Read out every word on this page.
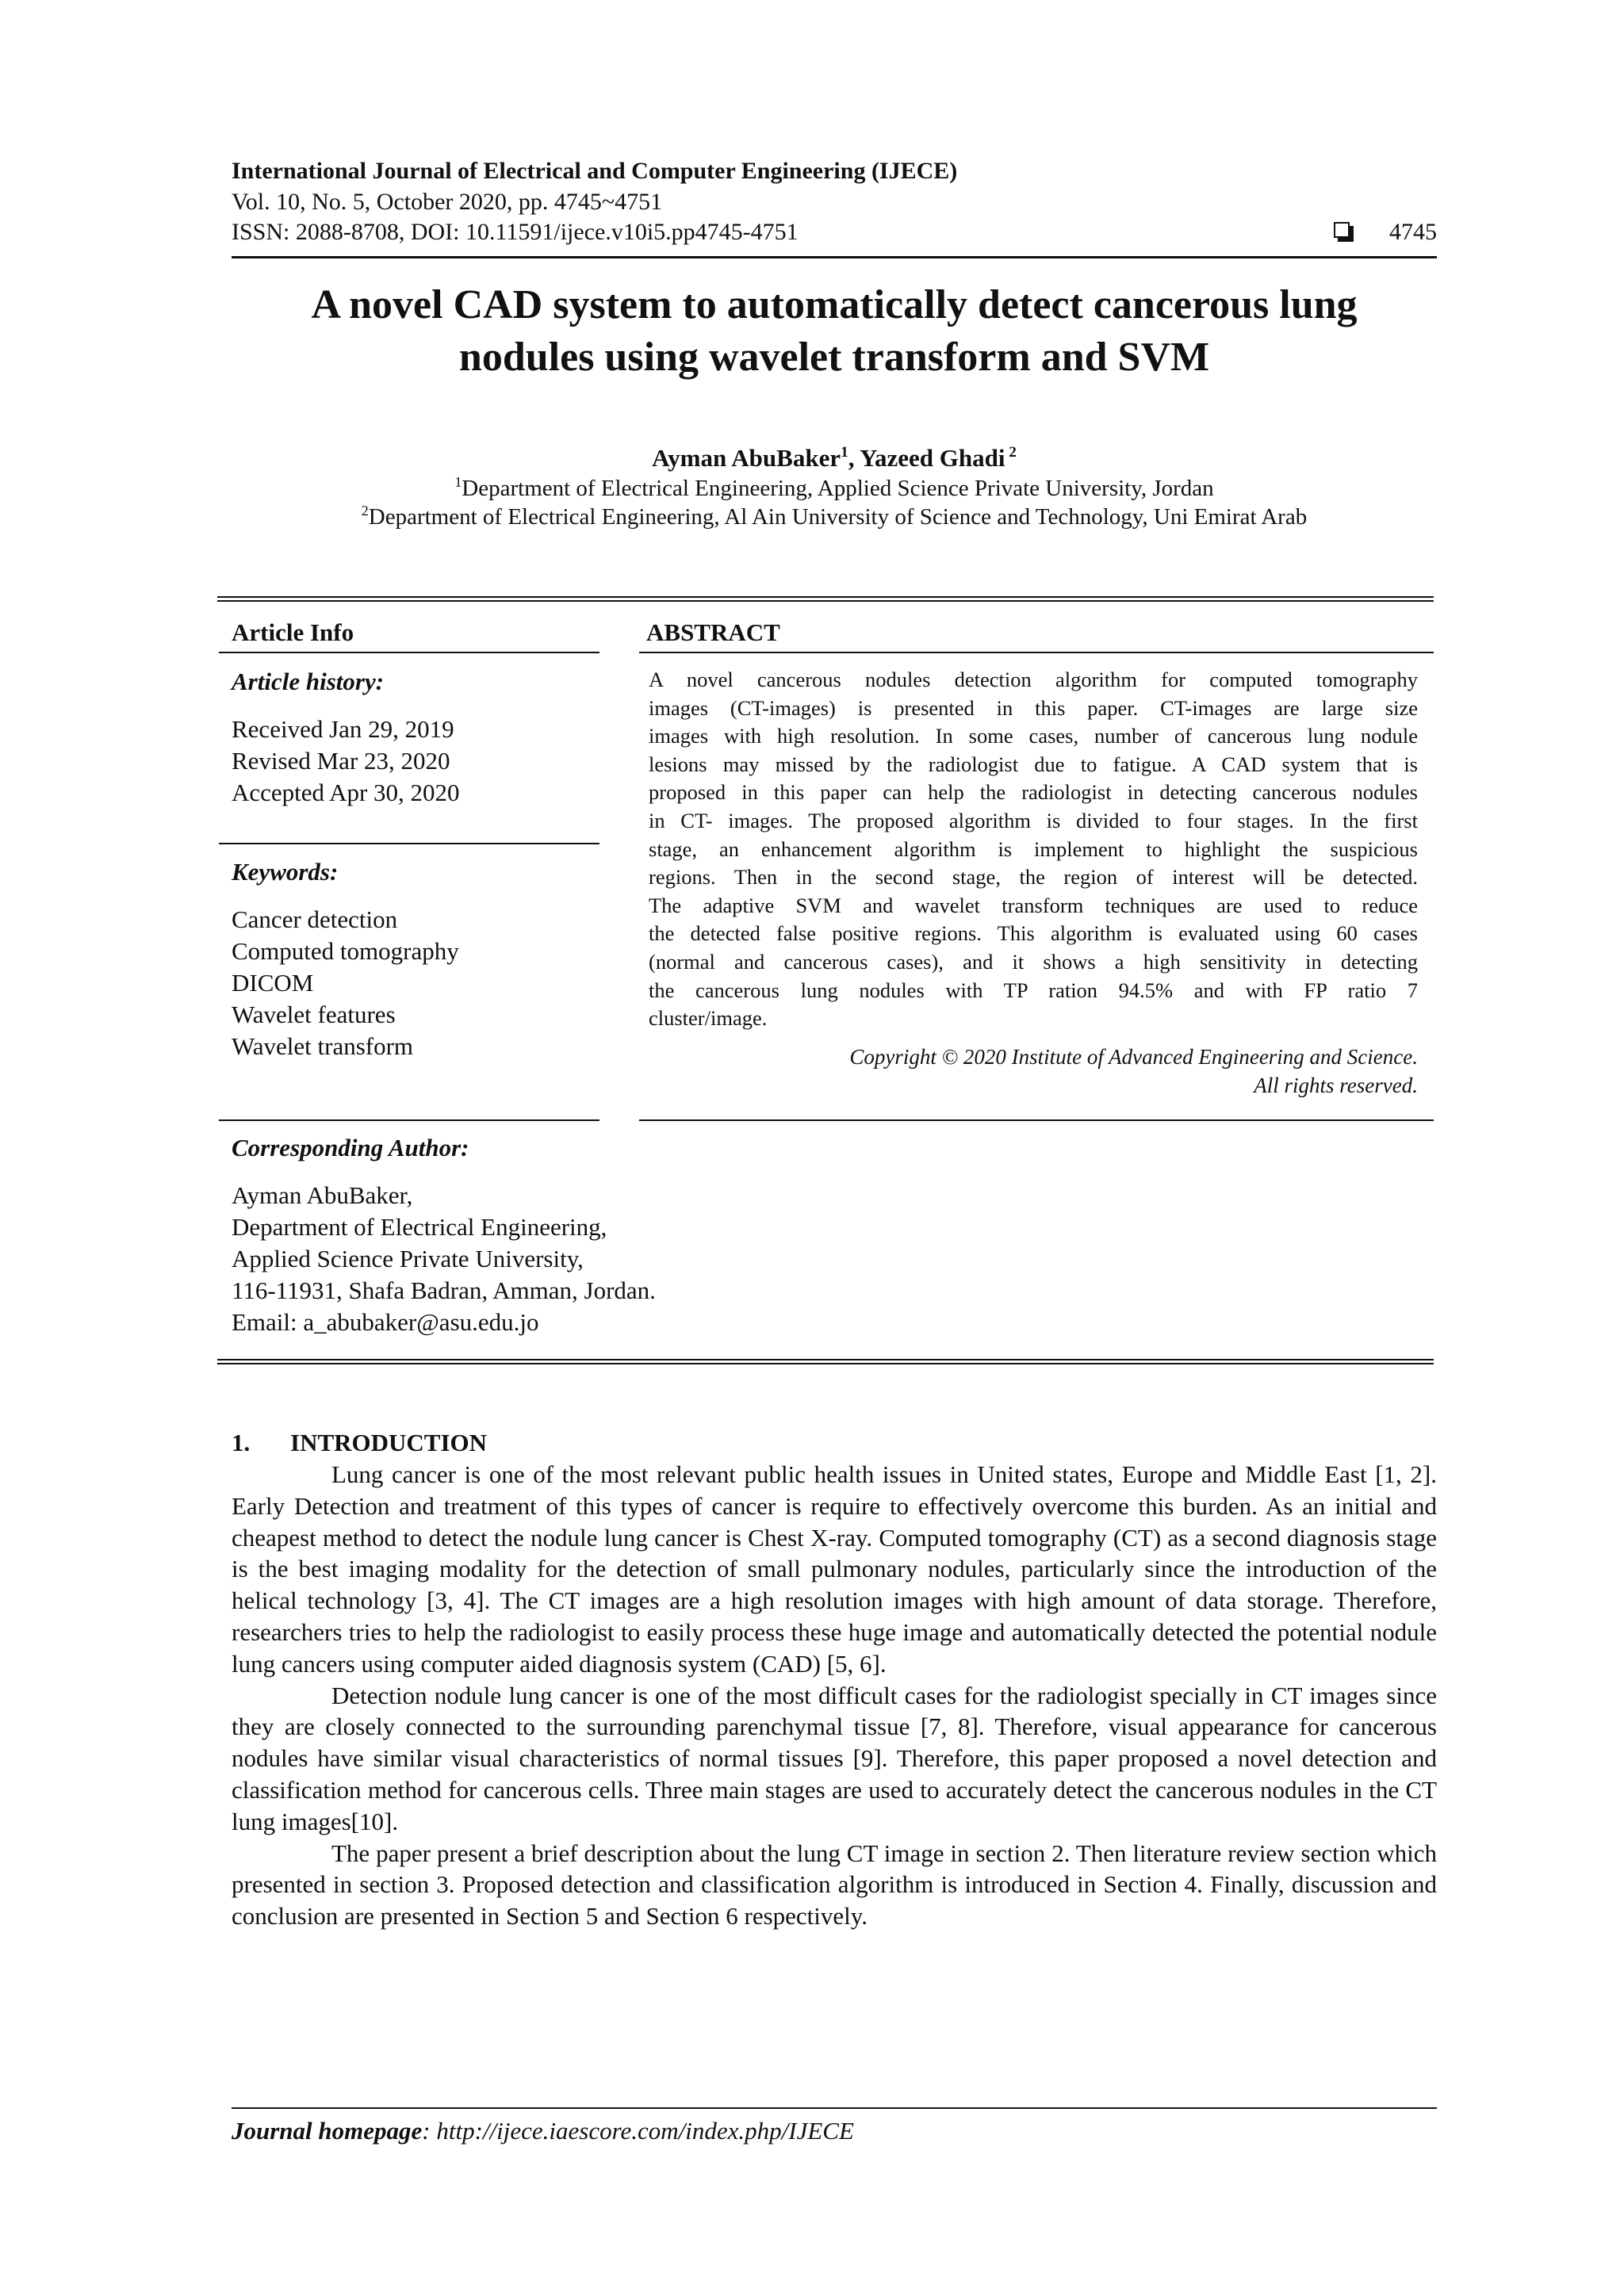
International Journal of Electrical and Computer Engineering (IJECE)
Vol. 10, No. 5, October 2020, pp. 4745~4751
ISSN: 2088-8708, DOI: 10.11591/ijece.v10i5.pp4745-4751	4745
A novel CAD system to automatically detect cancerous lung
nodules using wavelet transform and SVM
Ayman AbuBaker$^1$, Yazeed Ghadi $^2$
$^1$Department of Electrical Engineering, Applied Science Private University, Jordan
$^2$Department of Electrical Engineering, Al Ain University of Science and Technology, Uni Emirat Arab
Article Info
Article history:
Received Jan 29, 2019
Revised Mar 23, 2020
Accepted Apr 30, 2020
Keywords:
Cancer detection
Computed tomography
DICOM
Wavelet features
Wavelet transform
ABSTRACT
A novel cancerous nodules detection algorithm for computed tomography
images (CT-images) is presented in this paper. CT-images are large size
images with high resolution. In some cases, number of cancerous lung nodule
lesions may missed by the radiologist due to fatigue. A CAD system that is
proposed in this paper can help the radiologist in detecting cancerous nodules
in CT- images. The proposed algorithm is divided to four stages. In the first
stage, an enhancement algorithm is implement to highlight the suspicious
regions. Then in the second stage, the region of interest will be detected.
The adaptive SVM and wavelet transform techniques are used to reduce
the detected false positive regions. This algorithm is evaluated using 60 cases
(normal and cancerous cases), and it shows a high sensitivity in detecting
the cancerous lung nodules with TP ration 94.5% and with FP ratio 7
cluster/image.
Copyright © 2020 Institute of Advanced Engineering and Science.
All rights reserved.
Corresponding Author:
Ayman AbuBaker,
Department of Electrical Engineering,
Applied Science Private University,
116-11931, Shafa Badran, Amman, Jordan.
Email: a_abubaker@asu.edu.jo
1. INTRODUCTION

Lung cancer is one of the most relevant public health issues in United states, Europe and Middle East [1, 2]. Early Detection and treatment of this types of cancer is require to effectively overcome this burden. As an initial and cheapest method to detect the nodule lung cancer is Chest X-ray. Computed tomography (CT) as a second diagnosis stage is the best imaging modality for the detection of small pulmonary nodules, particularly since the introduction of the helical technology [3, 4]. The CT images are a high resolution images with high amount of data storage. Therefore, researchers tries to help the radiologist to easily process these huge image and automatically detected the potential nodule lung cancers using computer aided diagnosis system (CAD) [5, 6].

Detection nodule lung cancer is one of the most difficult cases for the radiologist specially in CT images since they are closely connected to the surrounding parenchymal tissue [7, 8]. Therefore, visual appearance for cancerous nodules have similar visual characteristics of normal tissues [9]. Therefore, this paper proposed a novel detection and classification method for cancerous cells. Three main stages are used to accurately detect the cancerous nodules in the CT lung images[10].

The paper present a brief description about the lung CT image in section 2. Then literature review section which presented in section 3. Proposed detection and classification algorithm is introduced in Section 4. Finally, discussion and conclusion are presented in Section 5 and Section 6 respectively.

Journal homepage: http://ijece.iaescore.com/index.php/IJECE
